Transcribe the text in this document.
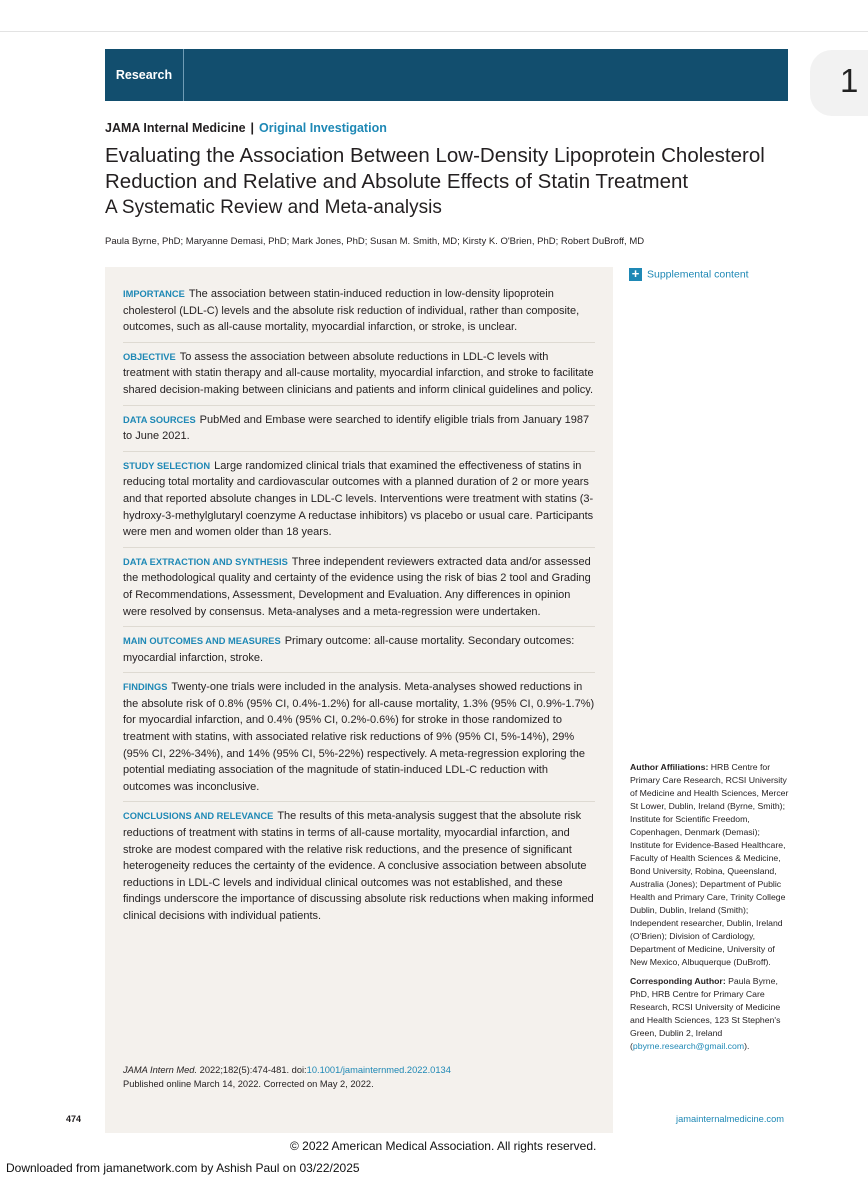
Research	1
JAMA Internal Medicine | Original Investigation
Evaluating the Association Between Low-Density Lipoprotein Cholesterol Reduction and Relative and Absolute Effects of Statin Treatment
A Systematic Review and Meta-analysis
Paula Byrne, PhD; Maryanne Demasi, PhD; Mark Jones, PhD; Susan M. Smith, MD; Kirsty K. O'Brien, PhD; Robert DuBroff, MD
+ Supplemental content
IMPORTANCE The association between statin-induced reduction in low-density lipoprotein cholesterol (LDL-C) levels and the absolute risk reduction of individual, rather than composite, outcomes, such as all-cause mortality, myocardial infarction, or stroke, is unclear.
OBJECTIVE To assess the association between absolute reductions in LDL-C levels with treatment with statin therapy and all-cause mortality, myocardial infarction, and stroke to facilitate shared decision-making between clinicians and patients and inform clinical guidelines and policy.
DATA SOURCES PubMed and Embase were searched to identify eligible trials from January 1987 to June 2021.
STUDY SELECTION Large randomized clinical trials that examined the effectiveness of statins in reducing total mortality and cardiovascular outcomes with a planned duration of 2 or more years and that reported absolute changes in LDL-C levels. Interventions were treatment with statins (3-hydroxy-3-methylglutaryl coenzyme A reductase inhibitors) vs placebo or usual care. Participants were men and women older than 18 years.
DATA EXTRACTION AND SYNTHESIS Three independent reviewers extracted data and/or assessed the methodological quality and certainty of the evidence using the risk of bias 2 tool and Grading of Recommendations, Assessment, Development and Evaluation. Any differences in opinion were resolved by consensus. Meta-analyses and a meta-regression were undertaken.
MAIN OUTCOMES AND MEASURES Primary outcome: all-cause mortality. Secondary outcomes: myocardial infarction, stroke.
FINDINGS Twenty-one trials were included in the analysis. Meta-analyses showed reductions in the absolute risk of 0.8% (95% CI, 0.4%-1.2%) for all-cause mortality, 1.3% (95% CI, 0.9%-1.7%) for myocardial infarction, and 0.4% (95% CI, 0.2%-0.6%) for stroke in those randomized to treatment with statins, with associated relative risk reductions of 9% (95% CI, 5%-14%), 29% (95% CI, 22%-34%), and 14% (95% CI, 5%-22%) respectively. A meta-regression exploring the potential mediating association of the magnitude of statin-induced LDL-C reduction with outcomes was inconclusive.
CONCLUSIONS AND RELEVANCE The results of this meta-analysis suggest that the absolute risk reductions of treatment with statins in terms of all-cause mortality, myocardial infarction, and stroke are modest compared with the relative risk reductions, and the presence of significant heterogeneity reduces the certainty of the evidence. A conclusive association between absolute reductions in LDL-C levels and individual clinical outcomes was not established, and these findings underscore the importance of discussing absolute risk reductions when making informed clinical decisions with individual patients.
JAMA Intern Med. 2022;182(5):474-481. doi:10.1001/jamainternmed.2022.0134
Published online March 14, 2022. Corrected on May 2, 2022.
Author Affiliations: HRB Centre for Primary Care Research, RCSI University of Medicine and Health Sciences, Mercer St Lower, Dublin, Ireland (Byrne, Smith); Institute for Scientific Freedom, Copenhagen, Denmark (Demasi); Institute for Evidence-Based Healthcare, Faculty of Health Sciences & Medicine, Bond University, Robina, Queensland, Australia (Jones); Department of Public Health and Primary Care, Trinity College Dublin, Dublin, Ireland (Smith); Independent researcher, Dublin, Ireland (O'Brien); Division of Cardiology, Department of Medicine, University of New Mexico, Albuquerque (DuBroff).
Corresponding Author: Paula Byrne, PhD, HRB Centre for Primary Care Research, RCSI University of Medicine and Health Sciences, 123 St Stephen's Green, Dublin 2, Ireland (pbyrne.research@gmail.com).
474	jamainternalmedicine.com
© 2022 American Medical Association. All rights reserved.
Downloaded from jamanetwork.com by Ashish Paul on 03/22/2025
